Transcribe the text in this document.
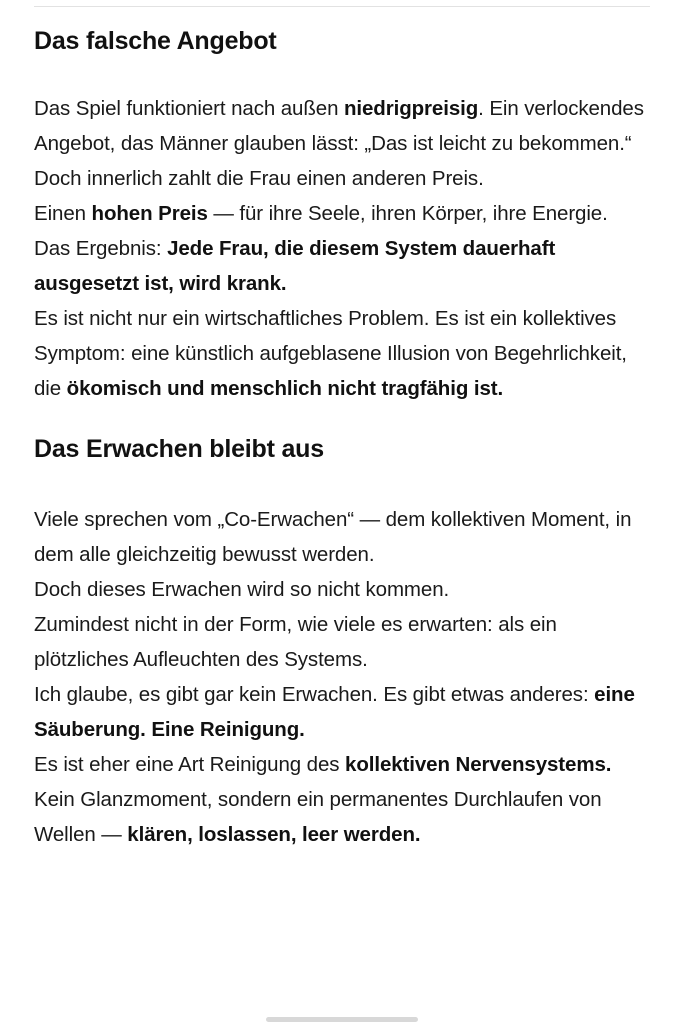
Das falsche Angebot

Das Spiel funktioniert nach außen niedrigpreisig. Ein verlockendes Angebot, das Männer glauben lässt: „Das ist leicht zu bekommen.“

Doch innerlich zahlt die Frau einen anderen Preis.

Einen hohen Preis — für ihre Seele, ihren Körper, ihre Energie.

Das Ergebnis: Jede Frau, die diesem System dauerhaft ausgesetzt ist, wird krank.

Es ist nicht nur ein wirtschaftliches Problem. Es ist ein kollektives Symptom: eine künstlich aufgeblasene Illusion von Begehrlichkeit, die ökomisch und menschlich nicht tragfähig ist.

Das Erwachen bleibt aus

Viele sprechen vom „Co-Erwachen“ — dem kollektiven Moment, in dem alle gleichzeitig bewusst werden.

Doch dieses Erwachen wird so nicht kommen.

Zumindest nicht in der Form, wie viele es erwarten: als ein plötzliches Aufleuchten des Systems.

Ich glaube, es gibt gar kein Erwachen. Es gibt etwas anderes: eine Säuberung. Eine Reinigung.

Es ist eher eine Art Reinigung des kollektiven Nervensystems.

Kein Glanzmoment, sondern ein permanentes Durchlaufen von Wellen — klären, loslassen, leer werden.
